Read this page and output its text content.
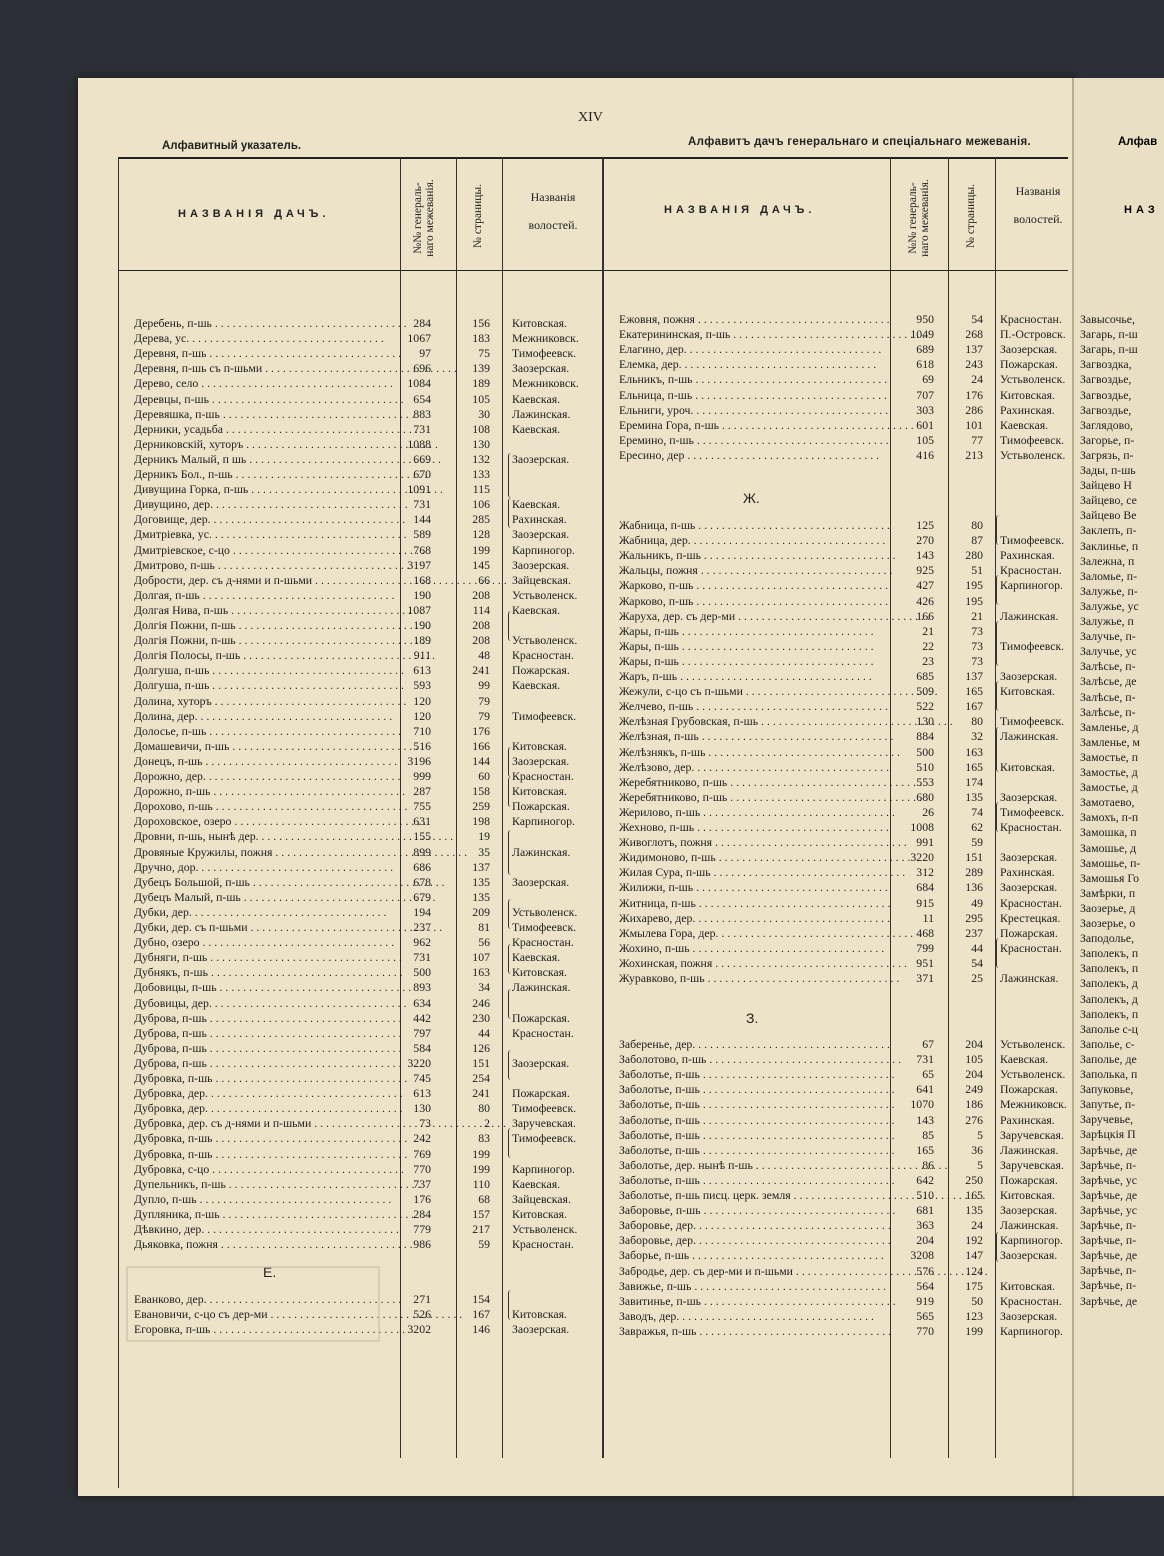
XIV
Алфавитный указатель.	Алфавитъ дачъ генеральнаго и спецiальнаго межеванiя.
НАЗВАНIЯ ДАЧЪ.
№№ генераль-
наго межеванiя.	№ страницы.	Названiя

волостей.
НАЗВАНIЯ ДАЧЪ.
№№ генераль-
наго межеванiя.	№ страницы.	Названiя

волостей.
Деребень, п-шь . . .	284	156 Китовская.
Дерева, ус. . . .	1067	183 Межниковск.
Деревня, п-шь . . .	97	75 Тимофеевск.
Деревня, п-шь съ п-шьми . . .	696	139 Заозерская.
Дерево, село . . .	1084	189 Межниковск.
Деревцы, п-шь . . .	654	105 Каевская.
Деревяшка, п-шь . . .	883	30 Лажинская.
Дерники, усадьба . . .	731	108 Каевская.
Дерниковскiй, хуторъ . . .	1088	130
Дерникъ Малый, п шь . . .	669	132 Заозерская.
Дерникъ Бол., п-шь . . .	670	133
Дивущина Горка, п-шь . . .	1091	115
Дивущино, дер. . . .	731	106 Каевская.
Договище, дер. . . .	144	285 Рахинская.
Дмитрiевка, ус. . . .	589	128 Заозерская.
Дмитрiевское, с-цо . . .	768	199 Карпиногор.
Дмитрово, п-шь . . .	3197	145 Заозерская.
Добрости, дер. съ д-нями и п-шьми . . .	168	66 Зайцевская.
Долгая, п-шь . . .	190	208 Устьволенск.
Долгая Нива, п-шь . . .	1087	114 Каевская.
Долгiя Пожни, п-шь . . .	190	208
Долгiя Пожни, п-шь . . .	189	208 Устьволенск.
Долгiя Полосы, п-шь . . .	911	48 Красностан.
Долгуша, п-шь . . .	613	241 Пожарская.
Долгуша, п-шь . . .	593	99 Каевская.
Долина, хуторъ . . .	120	79
Долина, дер. . . .	120	79 Тимофеевск.
Долосье, п-шь . . .	710	176
Домашевичи, п-шь . . .	516	166 Китовская.
Донецъ, п-шь . . .	3196	144 Заозерская.
Дорожно, дер. . . .	999	60 Красностан.
Дорожно, п-шь . . .	287	158 Китовская.
Дорохово, п-шь . . .	755	259 Пожарская.
Дороховское, озеро . . .	631	198 Карпиногор.
Дровни, п-шь, нынѣ дер. . . .	155	19
Дровяные Кружилы, пожня . . .	899	35 Лажинская.
Дручно, дор. . . .	686	137
Дубецъ Большой, п-шь . . .	678	135 Заозерская.
Дубецъ Малый, п-шь . . .	679	135
Дубки, дер. . . .	194	209 Устьволенск.
Дубки, дер. съ п-шьми . . .	237	81 Тимофеевск.
Дубно, озеро . . .	962	56 Красностан.
Дубняги, п-шь . . .	731	107 Каевская.
Дубнякъ, п-шь . . .	500	163 Китовская.
Добовицы, п-шь . . .	893	34 Лажинская.
Дубовицы, дер. . . .	634	246
Дуброва, п-шь . . .	442	230 Пожарская.
Дуброва, п-шь . . .	797	44 Красностан.
Дуброва, п-шь . . .	584	126
Дуброва, п-шь . . .	3220	151 Заозерская.
Дубровка, п-шь . . .	745	254
Дубровка, дер. . . .	613	241 Пожарская.
Дубровка, дер. . . .	130	80 Тимофеевск.
Дубровка, дер. съ д-нями и п-шьми . . .	73	2 Заручевская.
Дубровка, п-шь . . .	242	83 Тимофеевск.
Дубровка, п-шь . . .	769	199
Дубровка, с-цо . . .	770	199 Карпиногор.
Дупельникъ, п-шь . . .	737	110 Каевская.
Дупло, п-шь . . .	176	68 Зайцевская.
Дупляника, п-шь . . .	284	157 Китовская.
Дѣвкино, дер. . . .	779	217 Устьволенск.
Дьяковка, пожня . . .	986	59 Красностан.
Еванково, дер. . . .	271	154
Евановичи, с-цо съ дер-ми . . .	526	167 Китовская.
Егоровка, п-шь . . .	3202	146 Заозерская.
Ежовня, пожня . . .	950	54 Красностан.
Екатерининская, п-шь . . .	1049	268 П.-Островск.
Елагино, дер. . . .	689	137 Заозерская.
Елемка, дер. . . .	618	243 Пожарская.
Ельникъ, п-шь . . .	69	24 Устьволенск.
Ельница, п-шь . . .	707	176 Китовская.
Ельниги, уроч. . . .	303	286 Рахинская.
Еремина Гора, п-шь . . .	601	101 Каевская.
Еремино, п-шь . . .	105	77 Тимофеевск.
Ересино, дер . . .	416	213 Устьволенск.
Жабница, п-шь . . .	125	80
Жабница, дер. . . .	270	87 Тимофеевск.
Жальникъ, п-шь . . .	143	280 Рахинская.
Жальцы, пожня . . .	925	51 Красностан.
Жарково, п-шь . . .	427	195 Карпиногор.
Жарково, п-шь . . .	426	195
Жаруха, дер. съ дер-ми . . .	166	21 Лажинская.
Жары, п-шь . . .	21	73
Жары, п-шь . . .	22	73 Тимофеевск.
Жары, п-шь . . .	23	73
Жаръ, п-шь . . .	685	137 Заозерская.
Жежули, с-цо съ п-шьми . . .	509	165 Китовская.
Желчево, п-шь . . .	522	167
Желѣзная Грубовская, п-шь . . .	130	80 Тимофеевск.
Желѣзная, п-шь . . .	884	32 Лажинская.
Желѣзнякъ, п-шь . . .	500	163
Желѣзово, дер. . . .	510	165 Китовская.
Жеребятниково, п-шь . . .	553	174
Жеребятниково, п-шь . . .	680	135 Заозерская.
Жерилово, п-шь . . .	26	74 Тимофеевск.
Жехново, п-шь . . .	1008	62 Красностан.
Живоглотъ, пожня . . .	991	59
Жидимоново, п-шь . . .	3220	151 Заозерская.
Жилая Сура, п-шь . . .	312	289 Рахинская.
Жилижи, п-шь . . .	684	136 Заозерская.
Житница, п-шь . . .	915	49 Красностан.
Жихарево, дер. . . .	11	295 Крестецкая.
Жмылева Гора, дер. . . .	468	237 Пожарская.
Жохино, п-шь . . .	799	44 Красностан.
Жохинская, пожня . . .	951	54
Журавково, п-шь . . .	371	25 Лажинская.
Заберенье, дер. . . .	67	204 Устьволенск.
Заболотово, п-шь . . .	731	105 Каевская.
Заболотье, п-шь . . .	65	204 Устьволенск.
Заболотье, п-шь . . .	641	249 Пожарская.
Заболотье, п-шь . . .	1070	186 Межниковск.
Заболотье, п-шь . . .	143	276 Рахинская.
Заболотье, п-шь . . .	85	5 Заручевская.
Заболотье, п-шь . . .	165	36 Лажинская.
Заболотье, дер. нынѣ п-шь . . .	86	5 Заручевская.
Заболотье, п-шь . . .	642	250 Пожарская.
Заболотье, п-шь писц. церк. земля . . .	510	165 Китовская.
Заборовье, п-шь . . .	681	135 Заозерская.
Заборовье, дер. . . .	363	24 Лажинская.
Заборовье, дер. . . .	204	192 Карпиногор.
Заборье, п-шь . . .	3208	147 Заозерская.
Забродье, дер. съ дер-ми и п-шьми . . .	576	124
Завижье, п-шь . . .	564	175 Китовская.
Завитинье, п-шь . . .	919	50 Красностан.
Заводъ, дер. . . .	565	123 Заозерская.
Завражья, п-шь . . .	770	199 Карпиногор.
Е.
Ж.
З.
Алфав
НАЗ
Завысочье,
Загарь, п-ш
Загарь, п-ш
Загвоздка,
Загвоздье,
Загвоздье,
Загвоздье,
Заглядово,
Загорье, п-
Загрязь, п-
Зады, п-шь
Зайцево Н
Зайцево, се
Зайцево Ве
Заклепъ, п-
Заклинье, п
Залежна, п
Заломье, п-
Залужье, п-
Залужье, ус
Залужье, п
Залучье, п-
Залучье, ус
Залѣсье, п-
Залѣсье, де
Залѣсье, п-
Залѣсье, п-
Замленье, д
Замленье, м
Замостье, п
Замостье, д
Замостье, д
Замотаево,
Замохъ, п-п
Замошка, п
Замошье, д
Замошье, п-
Замошья Го
Замѣрки, п
Заозерье, д
Заозерье, о
Заподолье,
Заполекъ, п
Заполекъ, п
Заполекъ, д
Заполекъ, д
Заполекъ, п
Заполье с-ц
Заполье, с-
Заполье, де
Заполька, п
Запуковье,
Запутье, п-
Заручевье,
Зарѣцкiя П
Зарѣчье, де
Зарѣчье, п-
Зарѣчье, ус
Зарѣчье, де
Зарѣчье, ус
Зарѣчье, п-
Зарѣчье, п-
Зарѣчье, де
Зарѣчье, п-
Зарѣчье, п-
Зарѣчье, де
